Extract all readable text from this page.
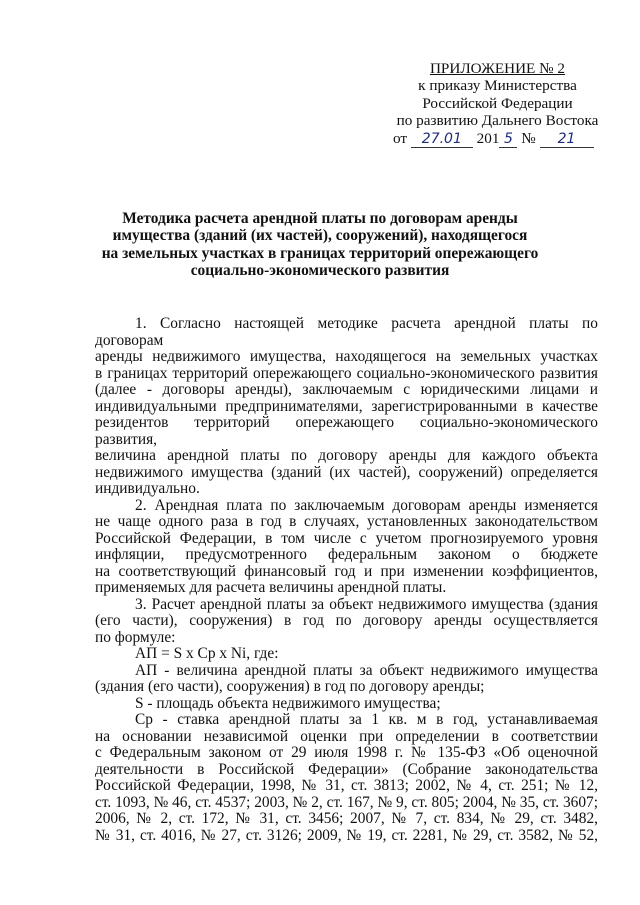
ПРИЛОЖЕНИЕ № 2
к приказу Министерства
Российской Федерации
по развитию Дальнего Востока
от 27.01 201 5 № 21
Методика расчета арендной платы по договорам аренды
имущества (зданий (их частей), сооружений), находящегося
на земельных участках в границах территорий опережающего
социально-экономического развития

1. Согласно настоящей методике расчета арендной платы по договорам

аренды недвижимого имущества, находящегося на земельных участках

в границах территорий опережающего социально-экономического развития

(далее - договоры аренды), заключаемым с юридическими лицами и

индивидуальными предпринимателями, зарегистрированными в качестве

резидентов территорий опережающего социально-экономического развития,

величина арендной платы по договору аренды для каждого объекта

недвижимого имущества (зданий (их частей), сооружений) определяется

индивидуально.

2. Арендная плата по заключаемым договорам аренды изменяется

не чаще одного раза в год в случаях, установленных законодательством

Российской Федерации, в том числе с учетом прогнозируемого уровня

инфляции, предусмотренного федеральным законом о бюджете

на соответствующий финансовый год и при изменении коэффициентов,

применяемых для расчета величины арендной платы.

3. Расчет арендной платы за объект недвижимого имущества (здания

(его части), сооружения) в год по договору аренды осуществляется

по формуле:

АП = S x Cp x Ni, где:

АП - величина арендной платы за объект недвижимого имущества

(здания (его части), сооружения) в год по договору аренды;

S - площадь объекта недвижимого имущества;

Ср - ставка арендной платы за 1 кв. м в год, устанавливаемая

на основании независимой оценки при определении в соответствии

с Федеральным законом от 29 июля 1998 г. № 135-ФЗ «Об оценочной

деятельности в Российской Федерации» (Собрание законодательства

Российской Федерации, 1998, № 31, ст. 3813; 2002, № 4, ст. 251; № 12,

ст. 1093, № 46, ст. 4537; 2003, № 2, ст. 167, № 9, ст. 805; 2004, № 35, ст. 3607;

2006, № 2, ст. 172, № 31, ст. 3456; 2007, № 7, ст. 834, № 29, ст. 3482,

№ 31, ст. 4016, № 27, ст. 3126; 2009, № 19, ст. 2281, № 29, ст. 3582, № 52,
